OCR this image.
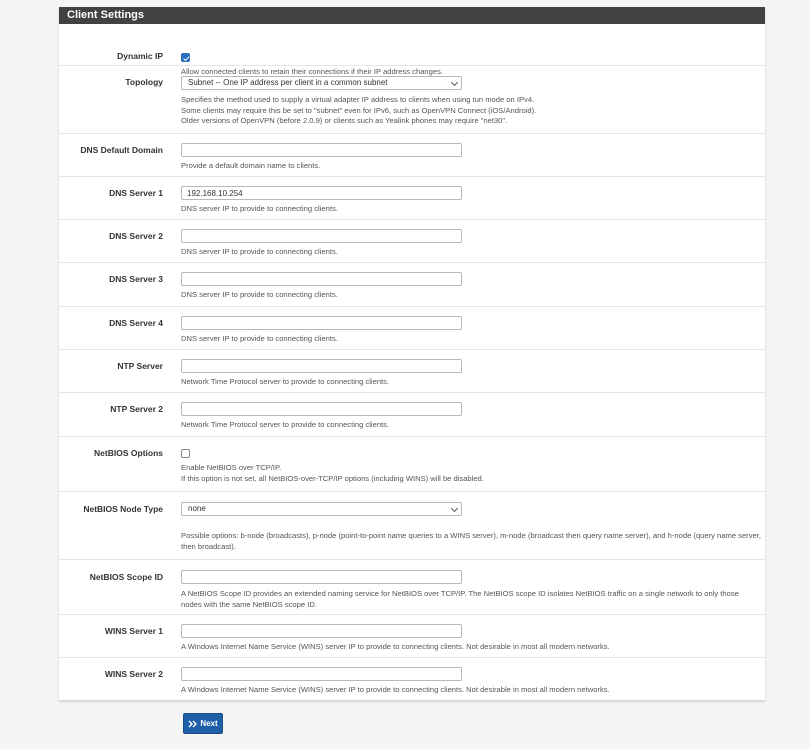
Client Settings
Dynamic IP
Allow connected clients to retain their connections if their IP address changes.
Topology	Subnet -- One IP address per client in a common subnet
Specifies the method used to supply a virtual adapter IP address to clients when using tun mode on IPv4.
Some clients may require this be set to "subnet" even for IPv6, such as OpenVPN Connect (iOS/Android).
Older versions of OpenVPN (before 2.0.9) or clients such as Yealink phones may require "net30".
DNS Default Domain
Provide a default domain name to clients.
DNS Server 1
192.168.10.254
DNS server IP to provide to connecting clients.
DNS Server 2
DNS server IP to provide to connecting clients.
DNS Server 3
DNS server IP to provide to connecting clients.
DNS Server 4
DNS server IP to provide to connecting clients.
NTP Server
Network Time Protocol server to provide to connecting clients.
NTP Server 2
Network Time Protocol server to provide to connecting clients.
NetBIOS Options
Enable NetBIOS over TCP/IP.
If this option is not set, all NetBIOS-over-TCP/IP options (including WINS) will be disabled.
NetBIOS Node Type	none
Possible options: b-node (broadcasts), p-node (point-to-point name queries to a WINS server), m-node (broadcast then query name server), and h-node (query name server, then broadcast).
NetBIOS Scope ID
A NetBIOS Scope ID provides an extended naming service for NetBIOS over TCP/IP. The NetBIOS scope ID isolates NetBIOS traffic on a single network to only those nodes with the same NetBIOS scope ID.
WINS Server 1
A Windows Internet Name Service (WINS) server IP to provide to connecting clients. Not desirable in most all modern networks.
WINS Server 2
A Windows Internet Name Service (WINS) server IP to provide to connecting clients. Not desirable in most all modern networks.
Next
